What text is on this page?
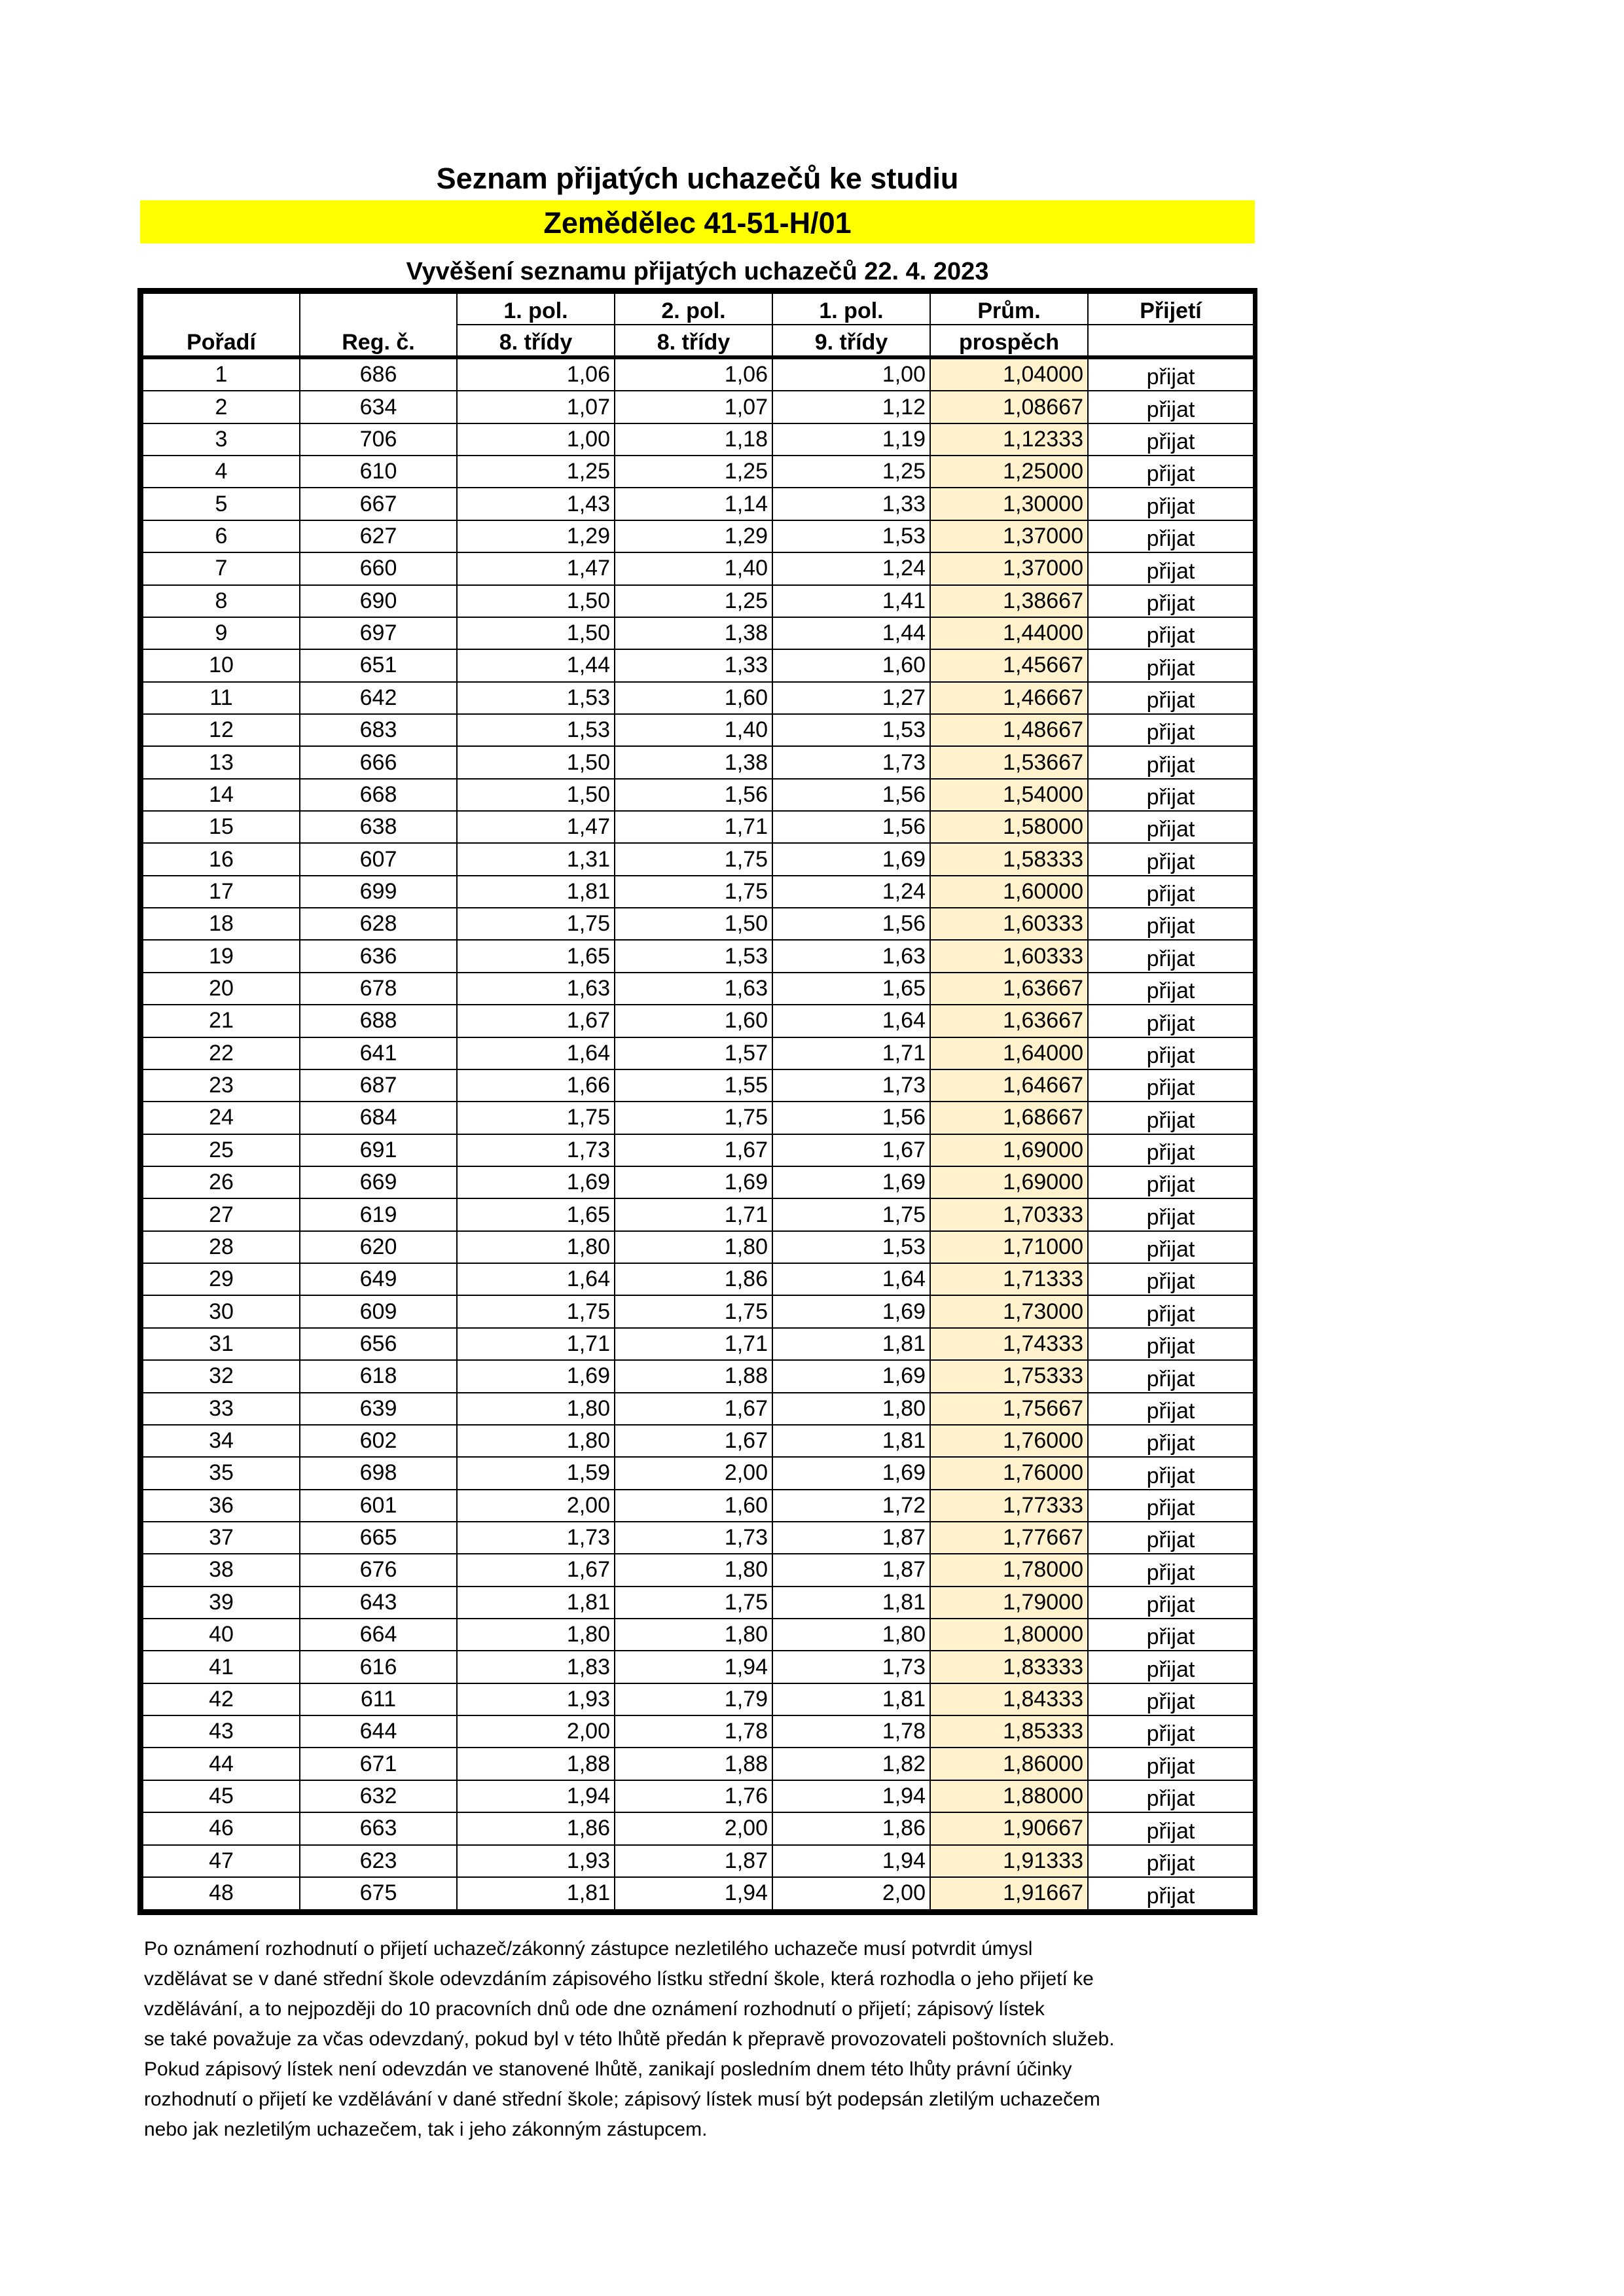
Seznam přijatých uchazečů ke studiu
Zemědělec 41-51-H/01
Vyvěšení seznamu přijatých uchazečů 22. 4. 2023
		1. pol.	2. pol.	1. pol.	Prům.	Přijetí
Pořadí	Reg. č.	8. třídy	8. třídy	9. třídy	prospěch	
1	686	1,06	1,06	1,00	1,04000	přijat
2	634	1,07	1,07	1,12	1,08667	přijat
3	706	1,00	1,18	1,19	1,12333	přijat
4	610	1,25	1,25	1,25	1,25000	přijat
5	667	1,43	1,14	1,33	1,30000	přijat
6	627	1,29	1,29	1,53	1,37000	přijat
7	660	1,47	1,40	1,24	1,37000	přijat
8	690	1,50	1,25	1,41	1,38667	přijat
9	697	1,50	1,38	1,44	1,44000	přijat
10	651	1,44	1,33	1,60	1,45667	přijat
11	642	1,53	1,60	1,27	1,46667	přijat
12	683	1,53	1,40	1,53	1,48667	přijat
13	666	1,50	1,38	1,73	1,53667	přijat
14	668	1,50	1,56	1,56	1,54000	přijat
15	638	1,47	1,71	1,56	1,58000	přijat
16	607	1,31	1,75	1,69	1,58333	přijat
17	699	1,81	1,75	1,24	1,60000	přijat
18	628	1,75	1,50	1,56	1,60333	přijat
19	636	1,65	1,53	1,63	1,60333	přijat
20	678	1,63	1,63	1,65	1,63667	přijat
21	688	1,67	1,60	1,64	1,63667	přijat
22	641	1,64	1,57	1,71	1,64000	přijat
23	687	1,66	1,55	1,73	1,64667	přijat
24	684	1,75	1,75	1,56	1,68667	přijat
25	691	1,73	1,67	1,67	1,69000	přijat
26	669	1,69	1,69	1,69	1,69000	přijat
27	619	1,65	1,71	1,75	1,70333	přijat
28	620	1,80	1,80	1,53	1,71000	přijat
29	649	1,64	1,86	1,64	1,71333	přijat
30	609	1,75	1,75	1,69	1,73000	přijat
31	656	1,71	1,71	1,81	1,74333	přijat
32	618	1,69	1,88	1,69	1,75333	přijat
33	639	1,80	1,67	1,80	1,75667	přijat
34	602	1,80	1,67	1,81	1,76000	přijat
35	698	1,59	2,00	1,69	1,76000	přijat
36	601	2,00	1,60	1,72	1,77333	přijat
37	665	1,73	1,73	1,87	1,77667	přijat
38	676	1,67	1,80	1,87	1,78000	přijat
39	643	1,81	1,75	1,81	1,79000	přijat
40	664	1,80	1,80	1,80	1,80000	přijat
41	616	1,83	1,94	1,73	1,83333	přijat
42	611	1,93	1,79	1,81	1,84333	přijat
43	644	2,00	1,78	1,78	1,85333	přijat
44	671	1,88	1,88	1,82	1,86000	přijat
45	632	1,94	1,76	1,94	1,88000	přijat
46	663	1,86	2,00	1,86	1,90667	přijat
47	623	1,93	1,87	1,94	1,91333	přijat
48	675	1,81	1,94	2,00	1,91667	přijat
Po oznámení rozhodnutí o přijetí uchazeč/zákonný zástupce nezletilého uchazeče musí potvrdit úmysl
vzdělávat se v dané střední škole odevzdáním zápisového lístku střední škole, která rozhodla o jeho přijetí ke
vzdělávání, a to nejpozději do 10 pracovních dnů ode dne oznámení rozhodnutí o přijetí; zápisový lístek
se také považuje za včas odevzdaný, pokud byl v této lhůtě předán k přepravě provozovateli poštovních služeb.
Pokud zápisový lístek není odevzdán ve stanovené lhůtě, zanikají posledním dnem této lhůty právní účinky
rozhodnutí o přijetí ke vzdělávání v dané střední škole; zápisový lístek musí být podepsán zletilým uchazečem
nebo jak nezletilým uchazečem, tak i jeho zákonným zástupcem.
